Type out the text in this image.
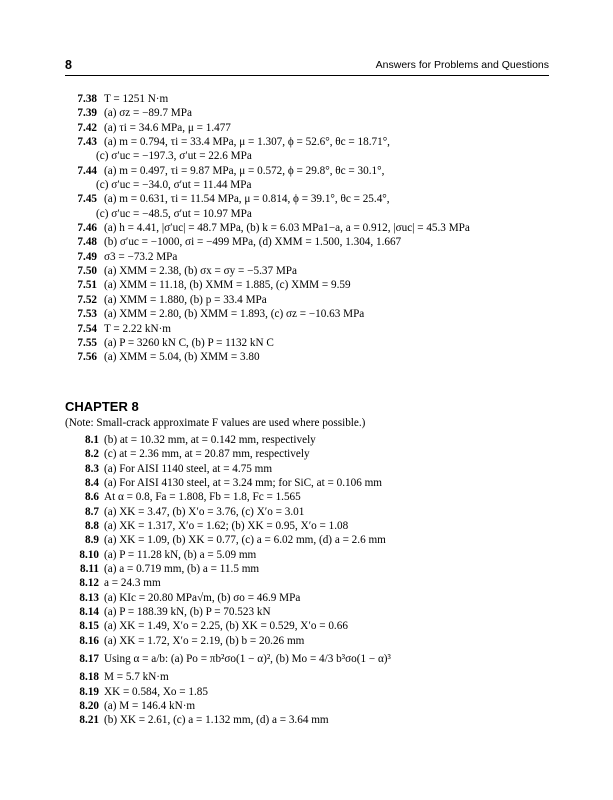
8	Answers for Problems and Questions
7.38 T = 1251 N·m
7.39 (a) σz = −89.7 MPa
7.42 (a) τi = 34.6 MPa, μ = 1.477
7.43 (a) m = 0.794, τi = 33.4 MPa, μ = 1.307, ϕ = 52.6°, θc = 18.71°,
(c) σ′uc = −197.3, σ′ut = 22.6 MPa
7.44 (a) m = 0.497, τi = 9.87 MPa, μ = 0.572, ϕ = 29.8°, θc = 30.1°,
(c) σ′uc = −34.0, σ′ut = 11.44 MPa
7.45 (a) m = 0.631, τi = 11.54 MPa, μ = 0.814, ϕ = 39.1°, θc = 25.4°,
(c) σ′uc = −48.5, σ′ut = 10.97 MPa
7.46 (a) h = 4.41, |σ′uc| = 48.7 MPa, (b) k = 6.03 MPa1−a, a = 0.912, |σuc| = 45.3 MPa
7.48 (b) σ′uc = −1000, σi = −499 MPa, (d) XMM = 1.500, 1.304, 1.667
7.49 σ3 = −73.2 MPa
7.50 (a) XMM = 2.38, (b) σx = σy = −5.37 MPa
7.51 (a) XMM = 11.18, (b) XMM = 1.885, (c) XMM = 9.59
7.52 (a) XMM = 1.880, (b) p = 33.4 MPa
7.53 (a) XMM = 2.80, (b) XMM = 1.893, (c) σz = −10.63 MPa
7.54 T = 2.22 kN·m
7.55 (a) P = 3260 kN C, (b) P = 1132 kN C
7.56 (a) XMM = 5.04, (b) XMM = 3.80
CHAPTER 8
(Note: Small-crack approximate F values are used where possible.)
8.1 (b) at = 10.32 mm, at = 0.142 mm, respectively
8.2 (c) at = 2.36 mm, at = 20.87 mm, respectively
8.3 (a) For AISI 1140 steel, at = 4.75 mm
8.4 (a) For AISI 4130 steel, at = 3.24 mm; for SiC, at = 0.106 mm
8.6 At α = 0.8, Fa = 1.808, Fb = 1.8, Fc = 1.565
8.7 (a) XK = 3.47, (b) X′o = 3.76, (c) X′o = 3.01
8.8 (a) XK = 1.317, X′o = 1.62; (b) XK = 0.95, X′o = 1.08
8.9 (a) XK = 1.09, (b) XK = 0.77, (c) a = 6.02 mm, (d) a = 2.6 mm
8.10 (a) P = 11.28 kN, (b) a = 5.09 mm
8.11 (a) a = 0.719 mm, (b) a = 11.5 mm
8.12 a = 24.3 mm
8.13 (a) KIc = 20.80 MPa√m, (b) σo = 46.9 MPa
8.14 (a) P = 188.39 kN, (b) P = 70.523 kN
8.15 (a) XK = 1.49, X′o = 2.25, (b) XK = 0.529, X′o = 0.66
8.16 (a) XK = 1.72, X′o = 2.19, (b) b = 20.26 mm
8.17 Using α = a/b: (a) Po = πb²σo(1 − α)², (b) Mo = 4/3 b³σo(1 − α)³
8.18 M = 5.7 kN·m
8.19 XK = 0.584, Xo = 1.85
8.20 (a) M = 146.4 kN·m
8.21 (b) XK = 2.61, (c) a = 1.132 mm, (d) a = 3.64 mm
